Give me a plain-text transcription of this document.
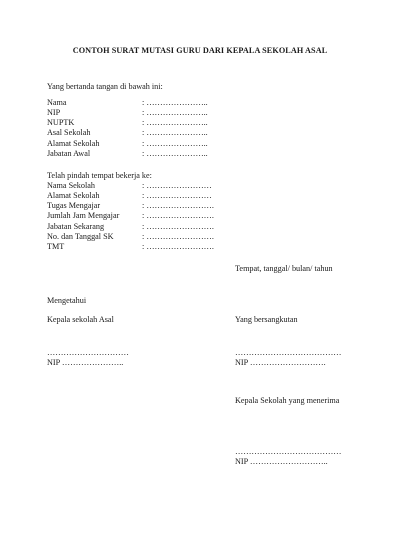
CONTOH SURAT MUTASI GURU DARI KEPALA SEKOLAH ASAL
Yang bertanda tangan di bawah ini:
Nama	: …………………..
NIP	: …………………..
NUPTK	: …………………..
Asal Sekolah	: …………………..
Alamat Sekolah	: …………………..
Jabatan Awal	: …………………..
Telah pindah tempat bekerja ke:
Nama Sekolah	: ……………………
Alamat Sekolah	: ……………………
Tugas Mengajar	: …………………….
Jumlah Jam Mengajar	: …………………….
Jabatan Sekarang	: …………………….
No. dan Tanggal SK	: …………………….
TMT	: …………………….
Tempat, tanggal/ bulan/ tahun
Mengetahui
Kepala sekolah Asal	Yang bersangkutan
…………………………
NIP …………………..
…………………………………
NIP ……………………….
Kepala Sekolah yang menerima
…………………………………
NIP ………………………..
